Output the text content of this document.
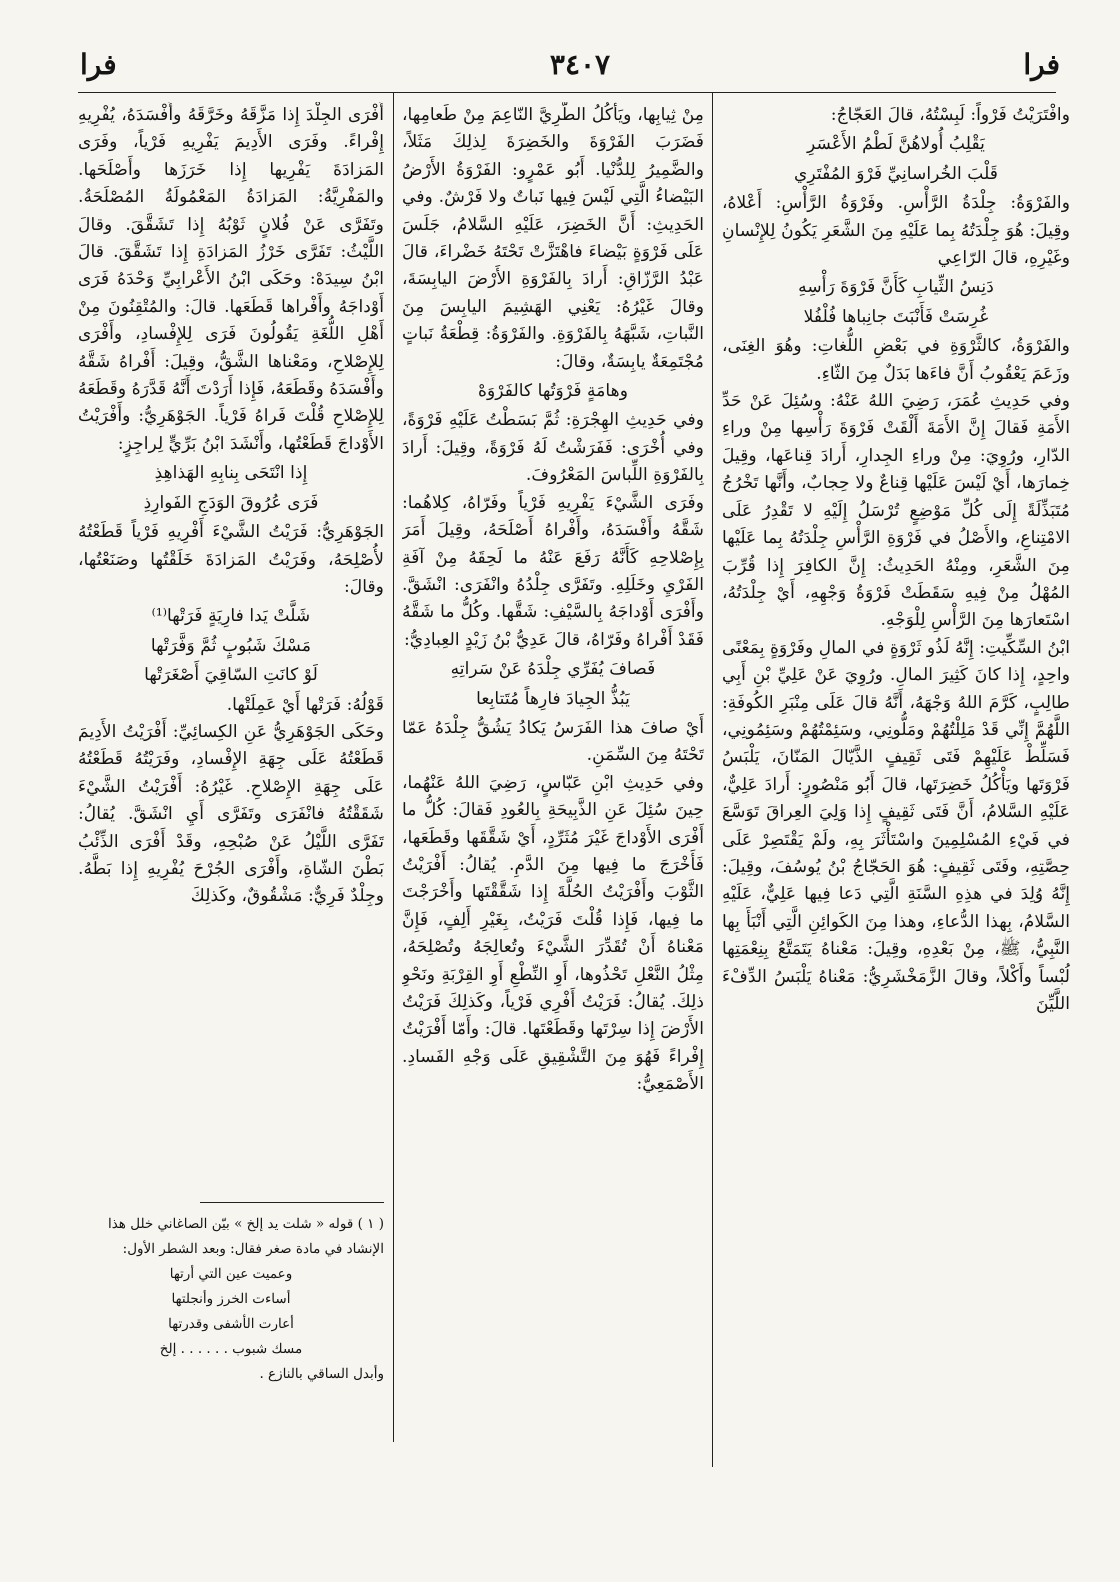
فرا
٣٤٠٧
فرا

وافْتَرَيْتُ فَرْواً: لَبِسْتُهُ، قالَ العَجّاجُ:

يَقْلِبُ أُولاهُنَّ لَطْمُ الأَعْسَرِ
قَلْبَ الخُراسانِيِّ فَرْوَ المُفْتَرِي

والفَرْوَةُ: جِلْدَةُ الرَّأْسِ. وفَرْوَةُ الرَّأْسِ: أَعْلاهُ، وقِيلَ: هُوَ جِلْدَتُهُ بِما عَلَيْهِ مِنَ الشَّعَرِ يَكُونُ لِلإِنْسانِ وغَيْرِهِ، قالَ الرّاعِي

دَنِسُ الثِّيابِ كَأَنَّ فَرْوَةَ رَأْسِهِ
غُرِسَتْ فَأَنْبَتَ جانِباها فُلْفُلا

والفَرْوَةُ، كالثَّرْوَةِ في بَعْضِ اللُّغاتِ: وهُوَ الغِنَى، وزَعَمَ يَعْقُوبُ أَنَّ فاءَها بَدَلٌ مِنَ الثّاءِ.

وفي حَدِيثِ عُمَرَ، رَضِيَ اللهُ عَنْهُ: وسُئِلَ عَنْ حَدِّ الأَمَةِ فَقالَ إِنَّ الأَمَةَ أَلْقَتْ فَرْوَةَ رَأْسِها مِنْ وراءِ الدّارِ، ورُوِيَ: مِنْ وراءِ الجِدارِ، أَرادَ قِناعَها، وقِيلَ خِمارَها، أَيْ لَيْسَ عَلَيْها قِناعٌ ولا حِجابٌ، وأَنَّها تَخْرُجُ مُتَبَذِّلَةً إِلَى كُلِّ مَوْضِعٍ تُرْسَلُ إِلَيْهِ لا تَقْدِرُ عَلَى الامْتِناعِ، والأَصْلُ في فَرْوَةِ الرَّأْسِ جِلْدَتُهُ بِما عَلَيْها مِنَ الشَّعَرِ، ومِنْهُ الحَدِيثُ: إِنَّ الكافِرَ إِذا قُرِّبَ المُهْلُ مِنْ فِيهِ سَقَطَتْ فَرْوَةُ وَجْهِهِ، أَيْ جِلْدَتُهُ، اسْتَعارَها مِنَ الرَّأْسِ لِلْوَجْهِ.

ابْنُ السِّكِّيتِ: إِنَّهُ لَذُو ثَرْوَةٍ في المالِ وفَرْوَةٍ بِمَعْنًى واحِدٍ، إِذا كانَ كَثِيرَ المالِ. ورُوِيَ عَنْ عَلِيِّ بْنِ أَبِي طالِبٍ، كَرَّمَ اللهُ وَجْهَهُ، أَنَّهُ قالَ عَلَى مِنْبَرِ الكُوفَةِ: اللَّهُمَّ إِنِّي قَدْ مَلِلْتُهُمْ ومَلُّونِي، وسَئِمْتُهُمْ وسَئِمُونِي، فَسَلِّطْ عَلَيْهِمْ فَتَى ثَقِيفٍ الذَّيّالَ المَنّانَ، يَلْبَسُ فَرْوَتَها ويَأْكُلُ خَضِرَتَها، قالَ أَبُو مَنْصُورٍ: أَرادَ عَلِيٌّ، عَلَيْهِ السَّلامُ، أَنَّ فَتَى ثَقِيفٍ إِذا وَلِيَ العِراقَ تَوَسَّعَ في فَيْءِ المُسْلِمِينَ واسْتَأْثَرَ بِهِ، ولَمْ يَقْتَصِرْ عَلَى حِصَّتِهِ، وفَتَى ثَقِيفٍ: هُوَ الحَجّاجُ بْنُ يُوسُفَ، وقِيلَ: إِنَّهُ وُلِدَ في هذِهِ السَّنَةِ الَّتِي دَعا فِيها عَلِيٌّ، عَلَيْهِ السَّلامُ، بِهذا الدُّعاءِ، وهذا مِنَ الكَوائِنِ الَّتِي أَنْبَأَ بِها النَّبِيُّ، ﷺ، مِنْ بَعْدِهِ، وقِيلَ: مَعْناهُ يَتَمَتَّعُ بِنِعْمَتِها لُبْساً وأَكْلاً، وقالَ الزَّمَخْشَرِيُّ: مَعْناهُ يَلْبَسُ الدِّفْءَ اللَّيِّنَ

مِنْ ثِيابِها، ويَأْكُلُ الطَّرِيَّ النّاعِمَ مِنْ طَعامِها، فَضَرَبَ الفَرْوَةَ والخَضِرَةَ لِذلِكَ مَثَلاً، والضَّمِيرُ لِلدُّنْيا. أَبُو عَمْرٍو: الفَرْوَةُ الأَرْضُ البَيْضاءُ الَّتِي لَيْسَ فِيها نَباتٌ ولا فَرْشٌ. وفي الحَدِيثِ: أَنَّ الخَضِرَ، عَلَيْهِ السَّلامُ، جَلَسَ عَلَى فَرْوَةٍ بَيْضاءَ فاهْتَزَّتْ تَحْتَهُ خَضْراءَ، قالَ عَبْدُ الرَّزّاقِ: أَرادَ بِالفَرْوَةِ الأَرْضَ اليابِسَةَ، وقالَ غَيْرُهُ: يَعْنِي الهَشِيمَ اليابِسَ مِنَ النَّباتِ، شَبَّهَهُ بِالفَرْوَةِ. والفَرْوَةُ: قِطْعَةُ نَباتٍ مُجْتَمِعَةٌ يابِسَةٌ، وقالَ:

وهامَةٍ فَرْوَتُها كالفَرْوَهْ

وفي حَدِيثِ الهِجْرَةِ: ثُمَّ بَسَطْتُ عَلَيْهِ فَرْوَةً، وفي أُخْرَى: فَفَرَشْتُ لَهُ فَرْوَةً، وقِيلَ: أَرادَ بِالفَرْوَةِ اللِّباسَ المَعْرُوفَ.

وفَرَى الشَّيْءَ يَفْرِيهِ فَرْياً وفَرّاهُ، كِلاهُما: شَقَّهُ وأَفْسَدَهُ، وأَفْراهُ أَصْلَحَهُ، وقِيلَ أَمَرَ بِإِصْلاحِهِ كَأَنَّهُ رَفَعَ عَنْهُ ما لَحِقَهُ مِنْ آفَةِ الفَرْيِ وخَلَلِهِ. وتَفَرَّى جِلْدُهُ وانْفَرَى: انْشَقَّ. وأَفْرَى أَوْداجَهُ بِالسَّيْفِ: شَقَّها. وكُلُّ ما شَقَّهُ فَقَدْ أَفْراهُ وفَرّاهُ، قالَ عَدِيُّ بْنُ زَيْدٍ العِبادِيُّ:

فَصافَ يُفَرِّي جِلْدَهُ عَنْ سَراتِهِ
يَبُذُّ الجِيادَ فارِهاً مُتَتابِعا

أَيْ صافَ هذا الفَرَسُ يَكادُ يَشُقُّ جِلْدَهُ عَمّا تَحْتَهُ مِنَ السِّمَنِ.

وفي حَدِيثِ ابْنِ عَبّاسٍ، رَضِيَ اللهُ عَنْهُما، حِينَ سُئِلَ عَنِ الذَّبِيحَةِ بِالعُودِ فَقالَ: كُلُّ ما أَفْرَى الأَوْداجَ غَيْرَ مُثَرِّدٍ، أَيْ شَقَّقَها وقَطَعَها، فَأَخْرَجَ ما فِيها مِنَ الدَّمِ. يُقالُ: أَفْرَيْتُ الثَّوْبَ وأَفْرَيْتُ الحُلَّةَ إِذا شَقَّقْتَها وأَخْرَجْتَ ما فِيها، فَإِذا قُلْتَ فَرَيْتُ، بِغَيْرِ أَلِفٍ، فَإِنَّ مَعْناهُ أَنْ تُقَدِّرَ الشَّيْءَ وتُعالِجَهُ وتُصْلِحَهُ، مِثْلُ النَّعْلِ تَحْذُوها، أَوِ النِّطْعِ أَوِ القِرْبَةِ ونَحْوِ ذلِكَ. يُقالُ: فَرَيْتُ أَفْرِي فَرْياً، وكَذلِكَ فَرَيْتُ الأَرْضَ إِذا سِرْتَها وقَطَعْتَها. قالَ: وأَمّا أَفْرَيْتُ إِفْراءً فَهُوَ مِنَ التَّشْقِيقِ عَلَى وَجْهِ الفَسادِ. الأَصْمَعِيُّ:

أَفْرَى الجِلْدَ إِذا مَزَّقَهُ وخَرَّقَهُ وأَفْسَدَهُ، يُفْرِيهِ إِفْراءً. وفَرَى الأَدِيمَ يَفْرِيهِ فَرْياً، وفَرَى المَزادَةَ يَفْرِيها إِذا خَرَزَها وأَصْلَحَها. والمَفْرِيَّةُ: المَزادَةُ المَعْمُولَةُ المُصْلَحَةُ. وتَفَرَّى عَنْ فُلانٍ ثَوْبُهُ إِذا تَشَقَّقَ. وقالَ اللَّيْثُ: تَفَرَّى خَرْزُ المَزادَةِ إِذا تَشَقَّقَ. قالَ ابْنُ سِيدَهْ: وحَكَى ابْنُ الأَعْرابِيِّ وَحْدَهُ فَرَى أَوْداجَهُ وأَفْراها قَطَعَها. قالَ: والمُتْقِنُونَ مِنْ أَهْلِ اللُّغَةِ يَقُولُونَ فَرَى لِلإِفْسادِ، وأَفْرَى لِلإِصْلاحِ، ومَعْناها الشَّقُّ، وقِيلَ: أَفْراهُ شَقَّهُ وأَفْسَدَهُ وقَطَعَهُ، فَإِذا أَرَدْتَ أَنَّهُ قَدَّرَهُ وقَطَعَهُ لِلإِصْلاحِ قُلْتَ فَراهُ فَرْياً. الجَوْهَرِيُّ: وأَفْرَيْتُ الأَوْداجَ قَطَعْتُها، وأَنْشَدَ ابْنُ بَرِّيٍّ لِراجِزٍ:

إِذا انْتَحَى بِنابِهِ الهَذاهِذِ
فَرَى عُرُوقَ الوَدَجِ الفَوارِذِ

الجَوْهَرِيُّ: فَرَيْتُ الشَّيْءَ أَفْرِيهِ فَرْياً قَطَعْتُهُ لأُصْلِحَهُ، وفَرَيْتُ المَزادَةَ خَلَقْتُها وصَنَعْتُها، وقالَ:

شَلَّتْ يَدا فارِيَةٍ فَرَتْها⁽¹⁾
مَسْكَ شَبُوبٍ ثُمَّ وَفَّرَتْها
لَوْ كانَتِ السّاقِيَ أَصْغَرَتْها

قَوْلُهُ: فَرَتْها أَيْ عَمِلَتْها.

وحَكَى الجَوْهَرِيُّ عَنِ الكِسائِيِّ: أَفْرَيْتُ الأَدِيمَ قَطَعْتُهُ عَلَى جِهَةِ الإِفْسادِ، وفَرَيْتُهُ قَطَعْتُهُ عَلَى جِهَةِ الإِصْلاحِ. غَيْرُهُ: أَفْرَيْتُ الشَّيْءَ شَقَقْتُهُ فانْفَرَى وتَفَرَّى أَيِ انْشَقَّ. يُقالُ: تَفَرَّى اللَّيْلُ عَنْ صُبْحِهِ، وقَدْ أَفْرَى الذِّئْبُ بَطْنَ الشّاةِ، وأَفْرَى الجُرْحَ يُفْرِيهِ إِذا بَطَّهُ. وجِلْدٌ فَرِيٌّ: مَشْقُوقٌ، وكَذلِكَ

( ١ ) قوله « شلت يد إلخ » بيّن الصاغاني خلل هذا الإنشاد في مادة صغر فقال: وبعد الشطر الأول:

وعميت عين التي أرتها
أساءت الخرز وأنجلتها
أعارت الأشفى وقدرتها
مسك شبوب . . . . . . إلخ

وأبدل الساقي بالنازع .
